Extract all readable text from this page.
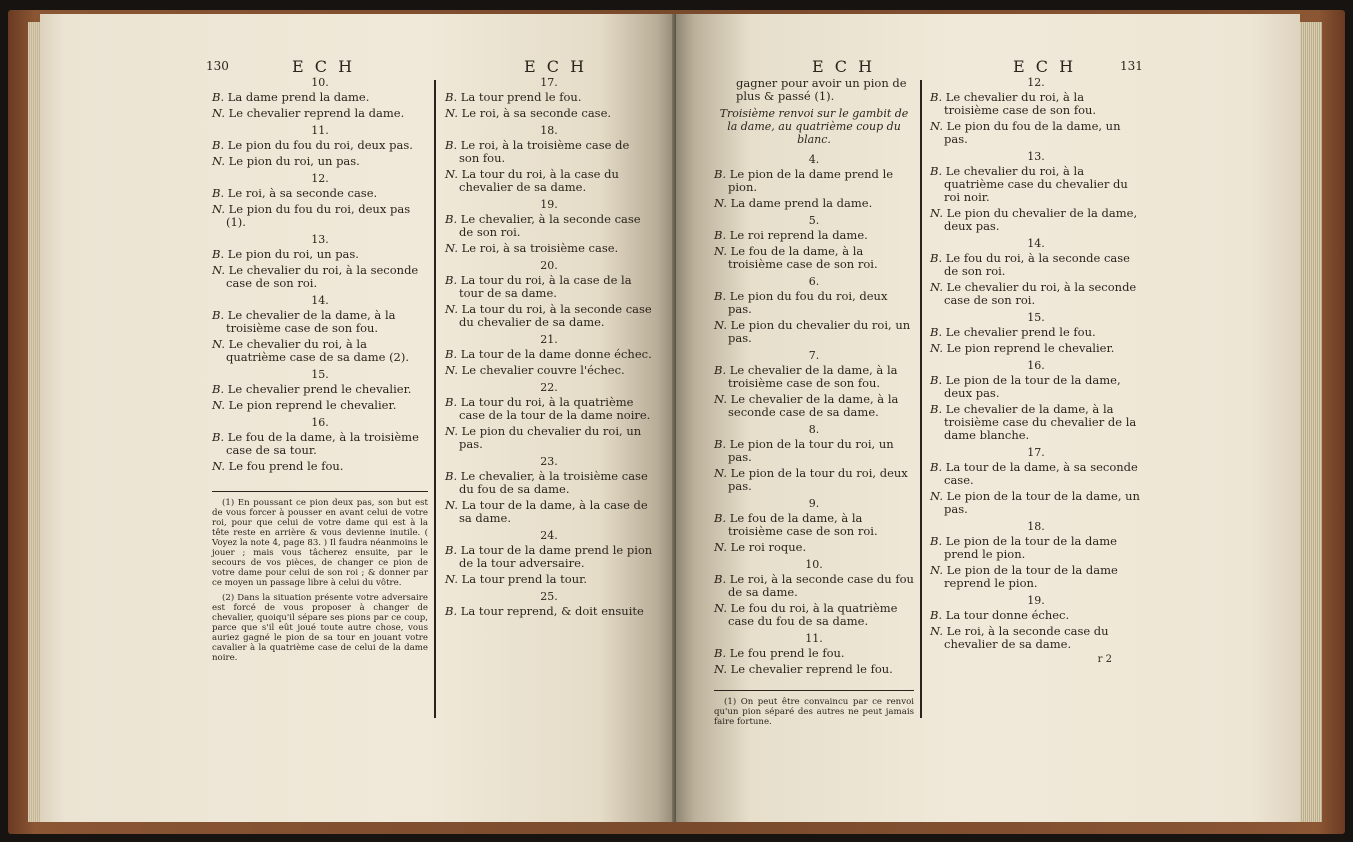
130	E C H	E C H

10.

B. La dame prend la dame.

N. Le chevalier reprend la dame.

11.

B. Le pion du fou du roi, deux pas.

N. Le pion du roi, un pas.

12.

B. Le roi, à sa seconde case.

N. Le pion du fou du roi, deux pas (1).

13.

B. Le pion du roi, un pas.

N. Le chevalier du roi, à la seconde case de son roi.

14.

B. Le chevalier de la dame, à la troisième case de son fou.

N. Le chevalier du roi, à la quatrième case de sa dame (2).

15.

B. Le chevalier prend le chevalier.

N. Le pion reprend le chevalier.

16.

B. Le fou de la dame, à la troisième case de sa tour.

N. Le fou prend le fou.

(1) En poussant ce pion deux pas, son but est de vous forcer à pousser en avant celui de votre roi, pour que celui de votre dame qui est à la tête reste en arrière & vous devienne inutile. ( Voyez la note 4, page 83. ) Il faudra néanmoins le jouer ; mais vous tâcherez ensuite, par le secours de vos pièces, de changer ce pion de votre dame pour celui de son roi ; & donner par ce moyen un passage libre à celui du vôtre.

(2) Dans la situation présente votre adversaire est forcé de vous proposer à changer de chevalier, quoiqu'il sépare ses pions par ce coup, parce que s'il eût joué toute autre chose, vous auriez gagné le pion de sa tour en jouant votre cavalier à la quatrième case de celui de la dame noire.

17.

B. La tour prend le fou.

N. Le roi, à sa seconde case.

18.

B. Le roi, à la troisième case de son fou.

N. La tour du roi, à la case du chevalier de sa dame.

19.

B. Le chevalier, à la seconde case de son roi.

N. Le roi, à sa troisième case.

20.

B. La tour du roi, à la case de la tour de sa dame.

N. La tour du roi, à la seconde case du chevalier de sa dame.

21.

B. La tour de la dame donne échec.

N. Le chevalier couvre l'échec.

22.

B. La tour du roi, à la quatrième case de la tour de la dame noire.

N. Le pion du chevalier du roi, un pas.

23.

B. Le chevalier, à la troisième case du fou de sa dame.

N. La tour de la dame, à la case de sa dame.

24.

B. La tour de la dame prend le pion de la tour adversaire.

N. La tour prend la tour.

25.

B. La tour reprend, & doit ensuite

E C H	E C H	131

gagner pour avoir un pion de plus & passé (1).

Troisième renvoi sur le gambit de la dame, au quatrième coup du blanc.

4.

B. Le pion de la dame prend le pion.

N. La dame prend la dame.

5.

B. Le roi reprend la dame.

N. Le fou de la dame, à la troisième case de son roi.

6.

B. Le pion du fou du roi, deux pas.

N. Le pion du chevalier du roi, un pas.

7.

B. Le chevalier de la dame, à la troisième case de son fou.

N. Le chevalier de la dame, à la seconde case de sa dame.

8.

B. Le pion de la tour du roi, un pas.

N. Le pion de la tour du roi, deux pas.

9.

B. Le fou de la dame, à la troisième case de son roi.

N. Le roi roque.

10.

B. Le roi, à la seconde case du fou de sa dame.

N. Le fou du roi, à la quatrième case du fou de sa dame.

11.

B. Le fou prend le fou.

N. Le chevalier reprend le fou.

(1) On peut être convaincu par ce renvoi qu'un pion séparé des autres ne peut jamais faire fortune.

12.

B. Le chevalier du roi, à la troisième case de son fou.

N. Le pion du fou de la dame, un pas.

13.

B. Le chevalier du roi, à la quatrième case du chevalier du roi noir.

N. Le pion du chevalier de la dame, deux pas.

14.

B. Le fou du roi, à la seconde case de son roi.

N. Le chevalier du roi, à la seconde case de son roi.

15.

B. Le chevalier prend le fou.

N. Le pion reprend le chevalier.

16.

B. Le pion de la tour de la dame, deux pas.

B. Le chevalier de la dame, à la troisième case du chevalier de la dame blanche.

17.

B. La tour de la dame, à sa seconde case.

N. Le pion de la tour de la dame, un pas.

18.

B. Le pion de la tour de la dame prend le pion.

N. Le pion de la tour de la dame reprend le pion.

19.

B. La tour donne échec.

N. Le roi, à la seconde case du chevalier de sa dame.

r 2
